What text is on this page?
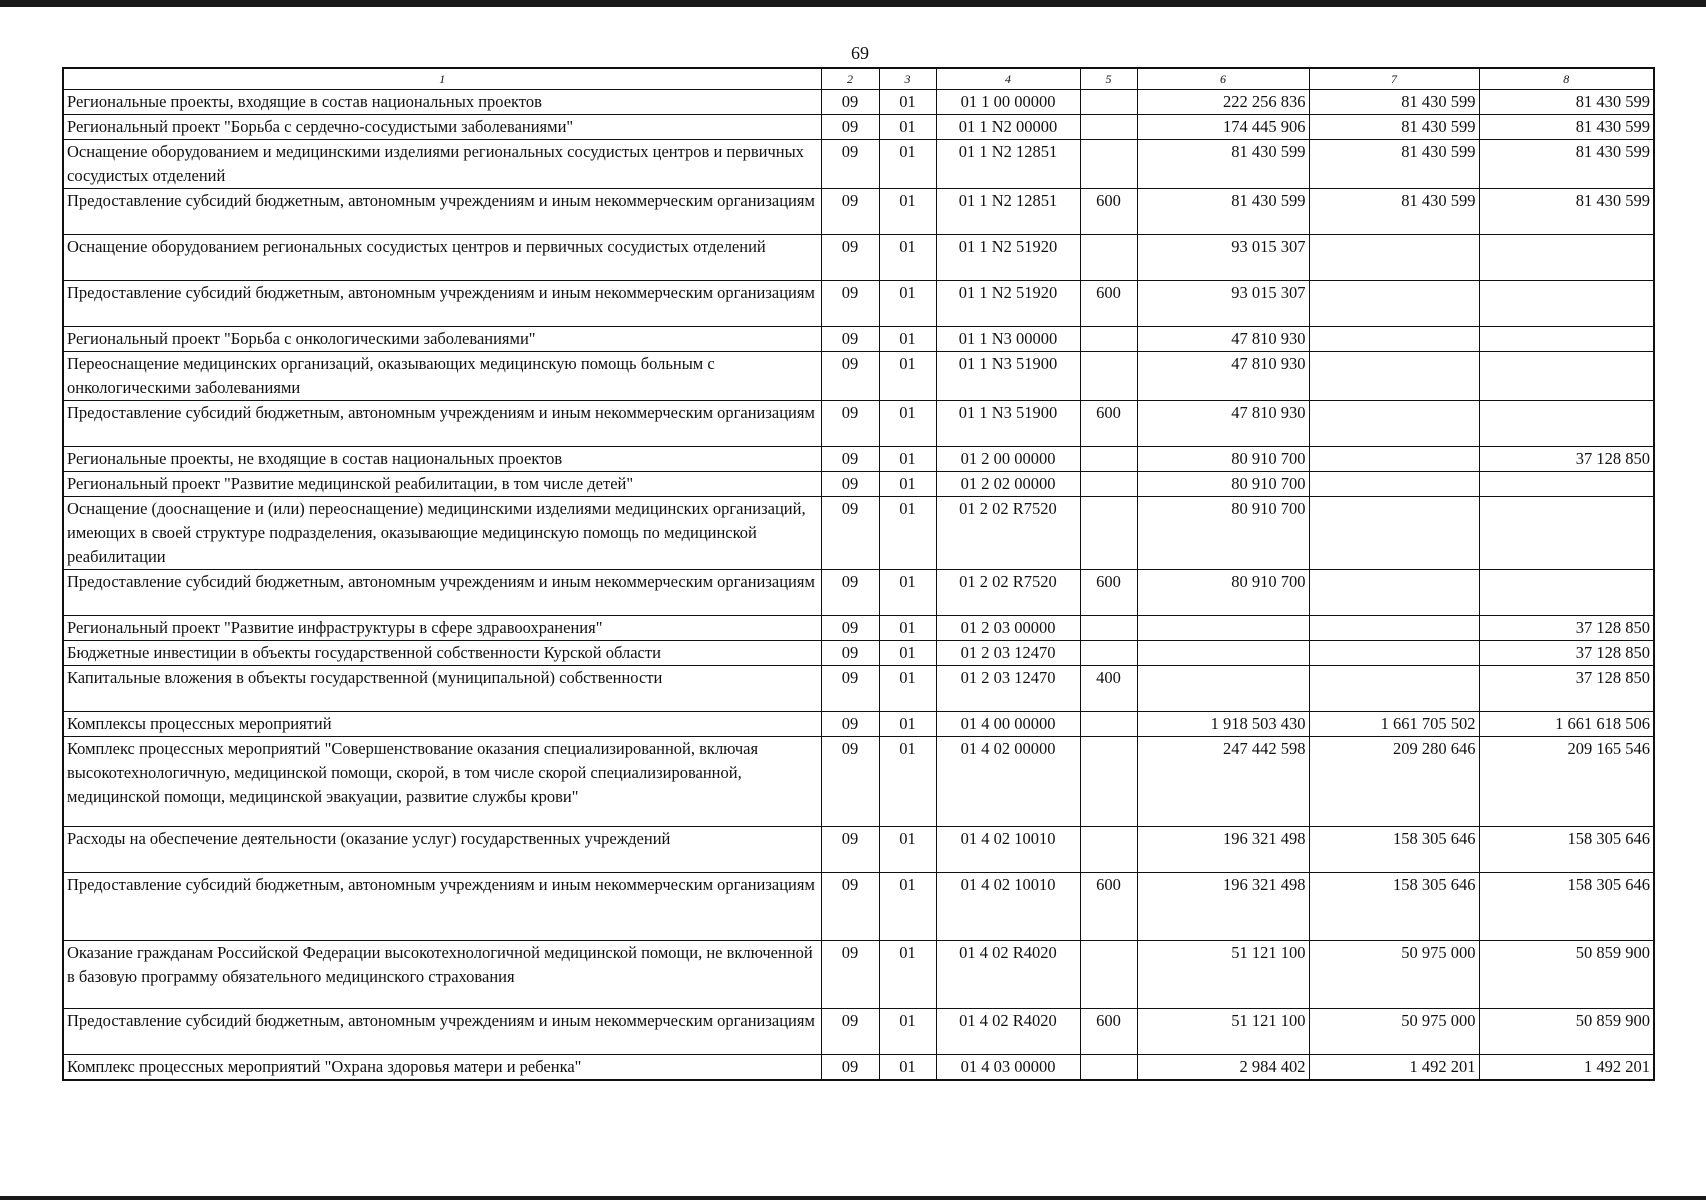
69
1	2	3	4	5	6	7	8
Региональные проекты, входящие в состав национальных проектов	09	01	01 1 00 00000		222 256 836	81 430 599	81 430 599
Региональный проект "Борьба с сердечно-сосудистыми заболеваниями"	09	01	01 1 N2 00000		174 445 906	81 430 599	81 430 599
Оснащение оборудованием и медицинскими изделиями региональных сосудистых центров и первичных сосудистых отделений	09	01	01 1 N2 12851		81 430 599	81 430 599	81 430 599
Предоставление субсидий бюджетным, автономным учреждениям и иным некоммерческим организациям	09	01	01 1 N2 12851	600	81 430 599	81 430 599	81 430 599
Оснащение оборудованием региональных сосудистых центров и первичных сосудистых отделений	09	01	01 1 N2 51920		93 015 307		
Предоставление субсидий бюджетным, автономным учреждениям и иным некоммерческим организациям	09	01	01 1 N2 51920	600	93 015 307		
Региональный проект "Борьба с онкологическими заболеваниями"	09	01	01 1 N3 00000		47 810 930		
Переоснащение медицинских организаций, оказывающих медицинскую помощь больным с онкологическими заболеваниями	09	01	01 1 N3 51900		47 810 930		
Предоставление субсидий бюджетным, автономным учреждениям и иным некоммерческим организациям	09	01	01 1 N3 51900	600	47 810 930		
Региональные проекты, не входящие в состав национальных проектов	09	01	01 2 00 00000		80 910 700		37 128 850
Региональный проект "Развитие медицинской реабилитации, в том числе детей"	09	01	01 2 02 00000		80 910 700		
Оснащение (дооснащение и (или) переоснащение) медицинскими изделиями медицинских организаций, имеющих в своей структуре подразделения, оказывающие медицинскую помощь по медицинской реабилитации	09	01	01 2 02 R7520		80 910 700		
Предоставление субсидий бюджетным, автономным учреждениям и иным некоммерческим организациям	09	01	01 2 02 R7520	600	80 910 700		
Региональный проект "Развитие инфраструктуры в сфере здравоохранения"	09	01	01 2 03 00000				37 128 850
Бюджетные инвестиции в объекты государственной собственности Курской области	09	01	01 2 03 12470				37 128 850
Капитальные вложения в объекты государственной (муниципальной) собственности	09	01	01 2 03 12470	400			37 128 850
Комплексы процессных мероприятий	09	01	01 4 00 00000		1 918 503 430	1 661 705 502	1 661 618 506
Комплекс процессных мероприятий "Совершенствование оказания специализированной, включая высокотехнологичную, медицинской помощи, скорой, в том числе скорой специализированной, медицинской помощи, медицинской эвакуации, развитие службы крови"	09	01	01 4 02 00000		247 442 598	209 280 646	209 165 546
Расходы на обеспечение деятельности (оказание услуг) государственных учреждений	09	01	01 4 02 10010		196 321 498	158 305 646	158 305 646
Предоставление субсидий бюджетным, автономным учреждениям и иным некоммерческим организациям	09	01	01 4 02 10010	600	196 321 498	158 305 646	158 305 646
Оказание гражданам Российской Федерации высокотехнологичной медицинской помощи, не включенной в базовую программу обязательного медицинского страхования	09	01	01 4 02 R4020		51 121 100	50 975 000	50 859 900
Предоставление субсидий бюджетным, автономным учреждениям и иным некоммерческим организациям	09	01	01 4 02 R4020	600	51 121 100	50 975 000	50 859 900
Комплекс процессных мероприятий "Охрана здоровья матери и ребенка"	09	01	01 4 03 00000		2 984 402	1 492 201	1 492 201
